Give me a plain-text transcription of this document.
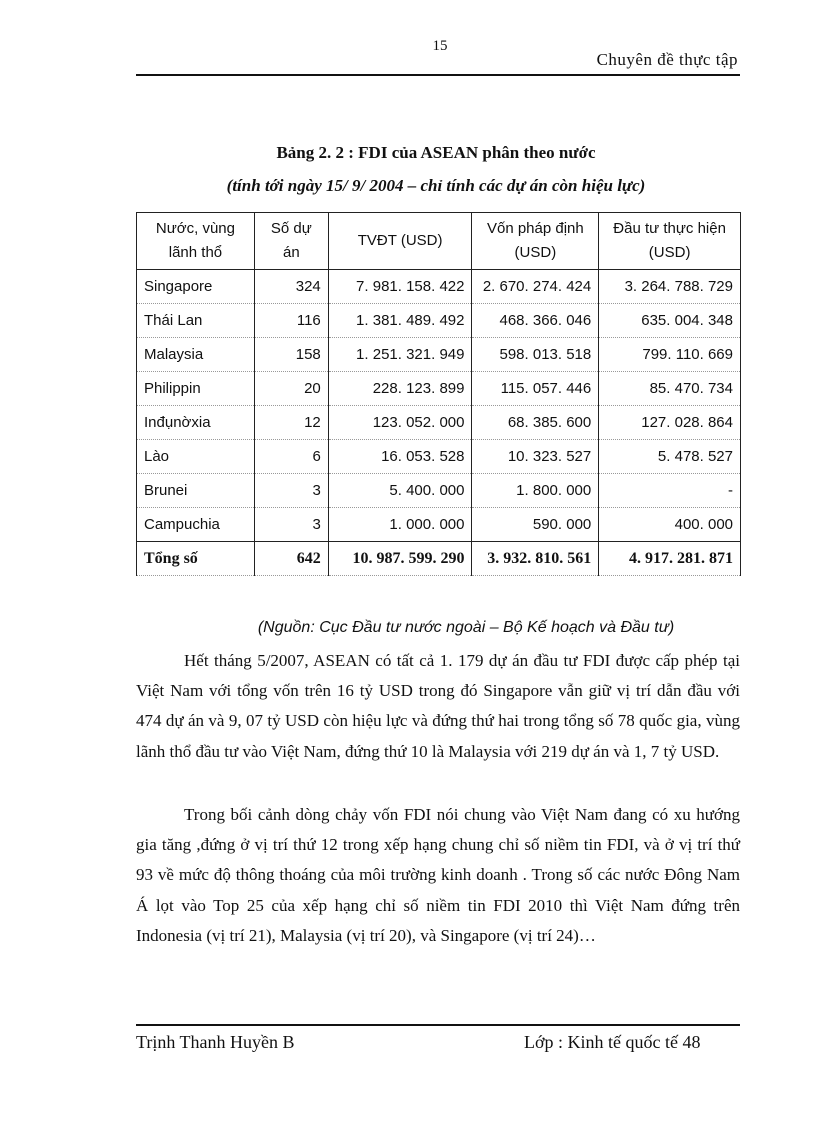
15
Chuyên đề thực tập
Bảng 2. 2 : FDI của ASEAN phân theo nước
(tính tới ngày 15/ 9/ 2004 – chỉ tính các dự án còn hiệu lực)
Nước, vùng lãnh thổ	Số dự án	TVĐT (USD)	Vốn pháp định (USD)	Đầu tư thực hiện (USD)
Singapore	324	7. 981. 158. 422	2. 670. 274. 424	3. 264. 788. 729
Thái Lan	116	1. 381. 489. 492	468. 366. 046	635. 004. 348
Malaysia	158	1. 251. 321. 949	598. 013. 518	799. 110. 669
Philippin	20	228. 123. 899	115. 057. 446	85. 470. 734
Inđụnờxia	12	123. 052. 000	68. 385. 600	127. 028. 864
Lào	6	16. 053. 528	10. 323. 527	5. 478. 527
Brunei	3	5. 400. 000	1. 800. 000	-
Campuchia	3	1. 000. 000	590. 000	400. 000
Tổng số	642	10. 987. 599. 290	3. 932. 810. 561	4. 917. 281. 871
(Nguồn: Cục Đầu tư nước ngoài – Bộ Kế hoạch và Đầu tư)

Hết tháng 5/2007, ASEAN có tất cả 1. 179 dự án đầu tư FDI được cấp phép tại Việt Nam với tổng vốn trên 16 tỷ USD trong đó Singapore vẫn giữ vị trí dẫn đầu với 474 dự án và 9, 07 tỷ USD còn hiệu lực và đứng thứ hai trong tổng số 78 quốc gia, vùng lãnh thổ đầu tư vào Việt Nam, đứng thứ 10 là Malaysia với 219 dự án và 1, 7 tỷ USD.

Trong bối cảnh dòng chảy vốn FDI nói chung vào Việt Nam đang có xu hướng gia tăng ,đứng ở vị trí thứ 12 trong xếp hạng chung chỉ số niềm tin FDI, và ở vị trí thứ 93 về mức độ thông thoáng của môi trường kinh doanh . Trong số các nước Đông Nam Á lọt vào Top 25 của xếp hạng chỉ số niềm tin FDI 2010 thì Việt Nam đứng trên Indonesia (vị trí 21), Malaysia (vị trí 20), và Singapore (vị trí 24)…

Trịnh Thanh Huyền B	Lớp : Kinh tế quốc tế 48
